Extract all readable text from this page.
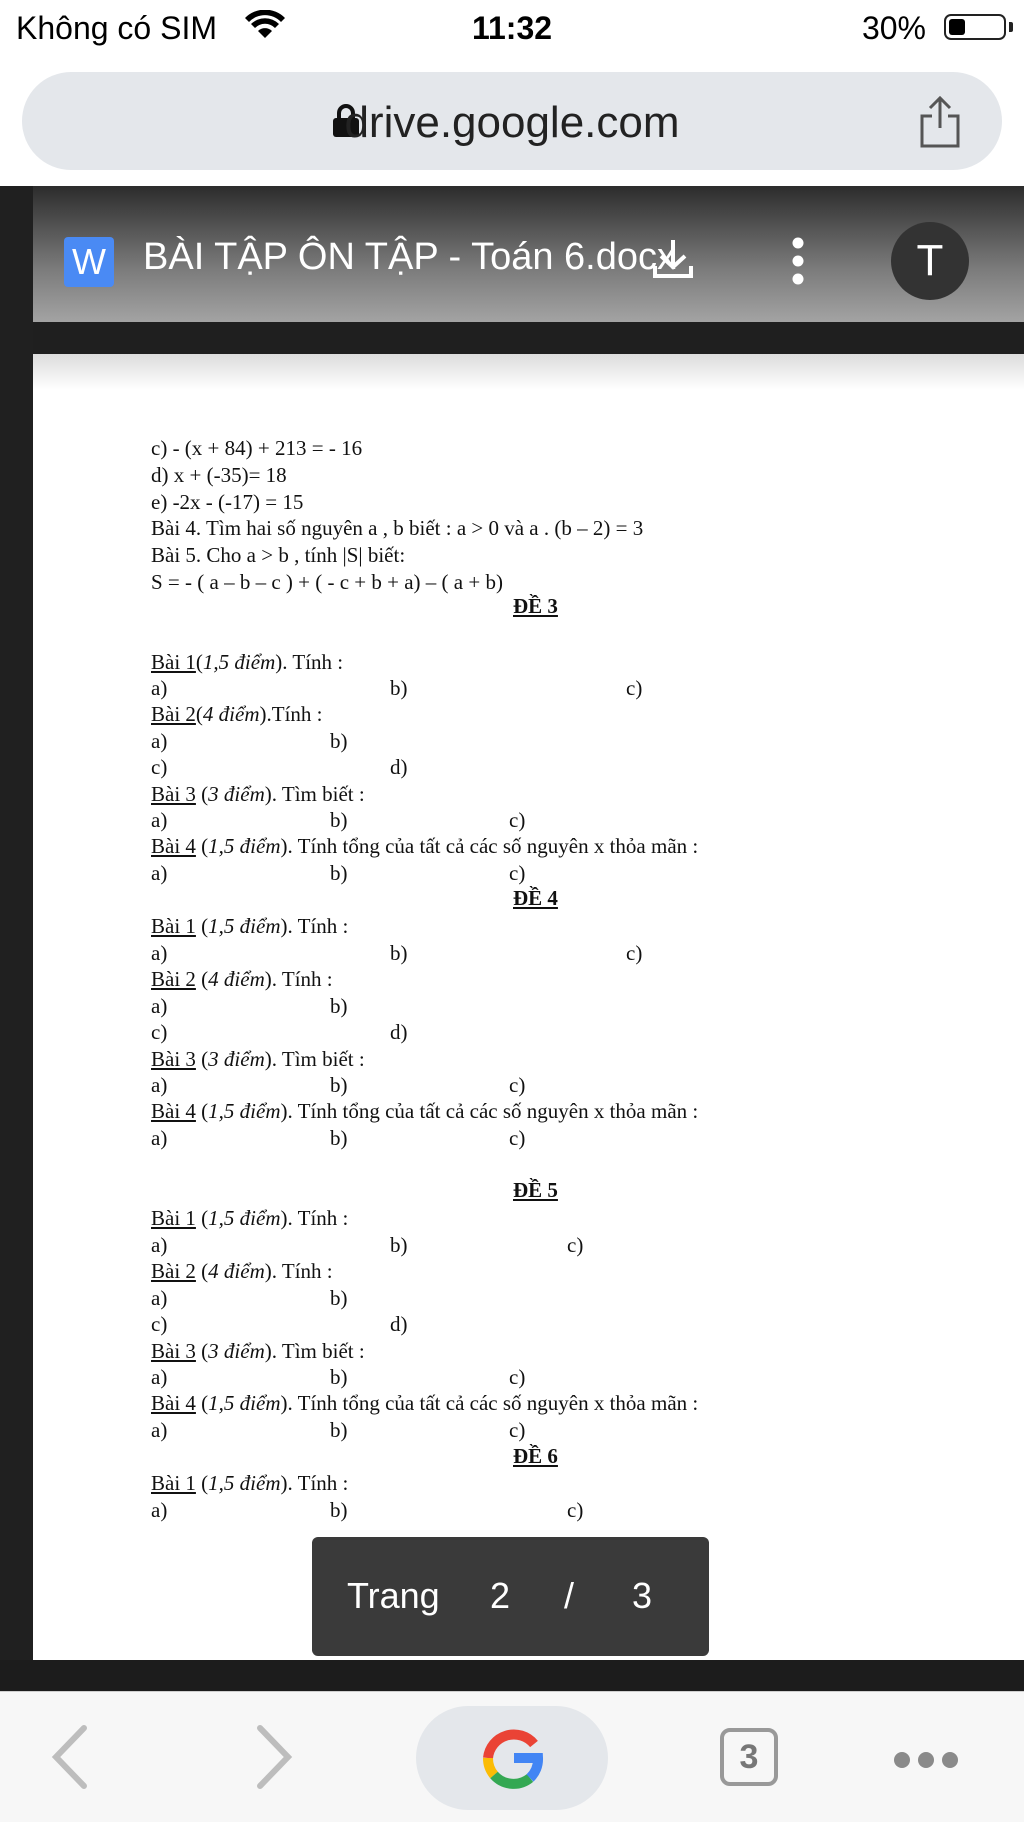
Không có SIM	11:32	30%
drive.google.com
W BÀI TẬP ÔN TẬP - Toán 6.docx	T
c) - (x + 84) + 213 = - 16
d) x + (-35)= 18
e) -2x - (-17) = 15
Bài 4. Tìm hai số nguyên a , b biết : a > 0 và a . (b – 2) = 3
Bài 5. Cho a > b , tính |S| biết:
S = - ( a – b – c ) + ( - c + b + a) – ( a + b)
ĐỀ 3
Bài 1(1,5 điểm). Tính :
a)	b)	c)
Bài 2(4 điểm).Tính :
a)	b)
c)	d)
Bài 3 (3 điểm). Tìm biết :
a)	b)	c)
Bài 4 (1,5 điểm). Tính tổng của tất cả các số nguyên x thỏa mãn :
a)	b)	c)
ĐỀ 4
Bài 1 (1,5 điểm). Tính :
a)	b)	c)
Bài 2 (4 điểm). Tính :
a)	b)
c)	d)
Bài 3 (3 điểm). Tìm biết :
a)	b)	c)
Bài 4 (1,5 điểm). Tính tổng của tất cả các số nguyên x thỏa mãn :
a)	b)	c)
ĐỀ 5
Bài 1 (1,5 điểm). Tính :
a)	b)	c)
Bài 2 (4 điểm). Tính :
a)	b)
c)	d)
Bài 3 (3 điểm). Tìm biết :
a)	b)	c)
Bài 4 (1,5 điểm). Tính tổng của tất cả các số nguyên x thỏa mãn :
a)	b)	c)
ĐỀ 6
Bài 1 (1,5 điểm). Tính :
a)	b)	c)
Trang 2 / 3
3
